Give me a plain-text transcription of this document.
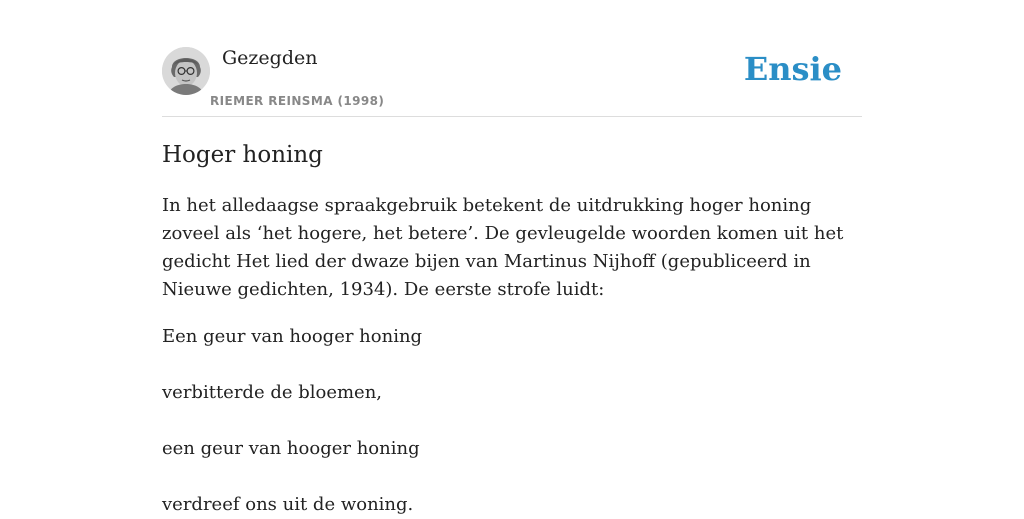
Gezegden
RIEMER REINSMA (1998)
Ensie
Hoger honing

In het alledaagse spraakgebruik betekent de uitdrukking hoger honing zoveel als ‘het hogere, het betere’. De gevleugelde woorden komen uit het gedicht Het lied der dwaze bijen van Martinus Nijhoff (gepubliceerd in Nieuwe gedichten, 1934). De eerste strofe luidt:

Een geur van hooger honing

verbitterde de bloemen,

een geur van hooger honing

verdreef ons uit de woning.
